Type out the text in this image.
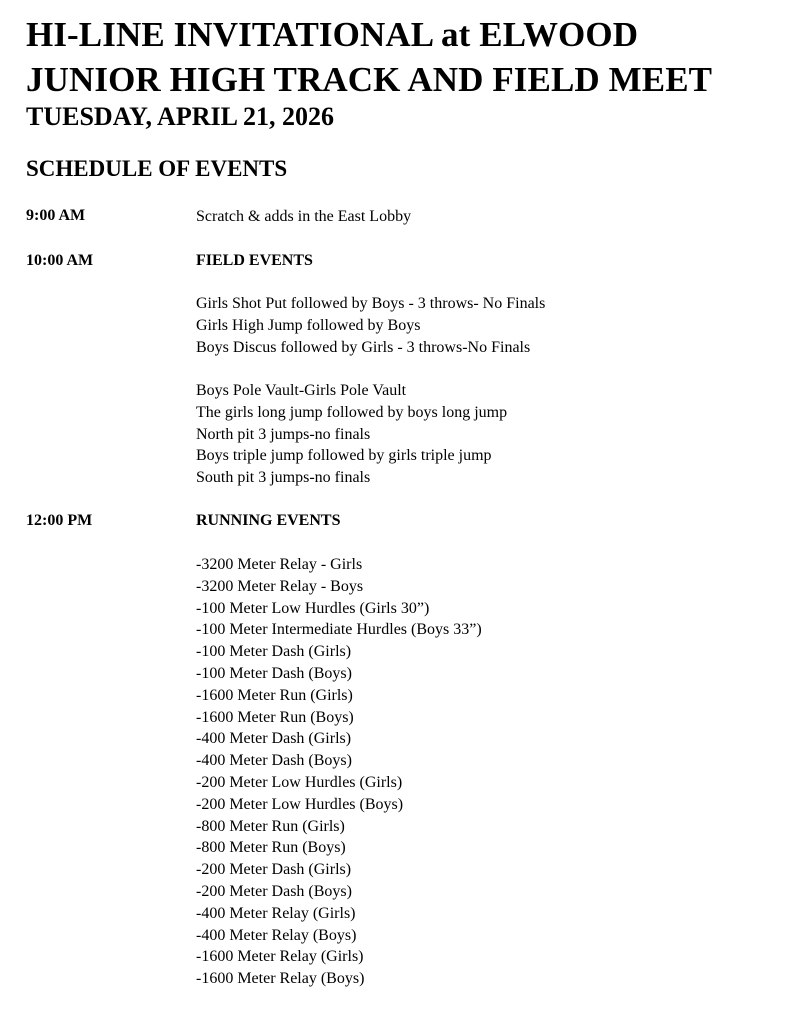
HI-LINE INVITATIONAL at ELWOOD
JUNIOR HIGH TRACK AND FIELD MEET
TUESDAY, APRIL 21, 2026
SCHEDULE OF EVENTS
9:00 AM	Scratch & adds in the East Lobby
10:00 AM	FIELD EVENTS
Girls Shot Put followed by Boys - 3 throws- No Finals
Girls High Jump followed by Boys
Boys Discus followed by Girls - 3 throws-No Finals
Boys Pole Vault-Girls Pole Vault
The girls long jump followed by boys long jump
North pit 3 jumps-no finals
Boys triple jump followed by girls triple jump
South pit 3 jumps-no finals
12:00 PM	RUNNING EVENTS
-3200 Meter Relay - Girls
-3200 Meter Relay - Boys
-100 Meter Low Hurdles (Girls 30”)
-100 Meter Intermediate Hurdles (Boys 33”)
-100 Meter Dash (Girls)
-100 Meter Dash (Boys)
-1600 Meter Run (Girls)
-1600 Meter Run (Boys)
-400 Meter Dash (Girls)
-400 Meter Dash (Boys)
-200 Meter Low Hurdles (Girls)
-200 Meter Low Hurdles (Boys)
-800 Meter Run (Girls)
-800 Meter Run (Boys)
-200 Meter Dash (Girls)
-200 Meter Dash (Boys)
-400 Meter Relay (Girls)
-400 Meter Relay (Boys)
-1600 Meter Relay (Girls)
-1600 Meter Relay (Boys)
